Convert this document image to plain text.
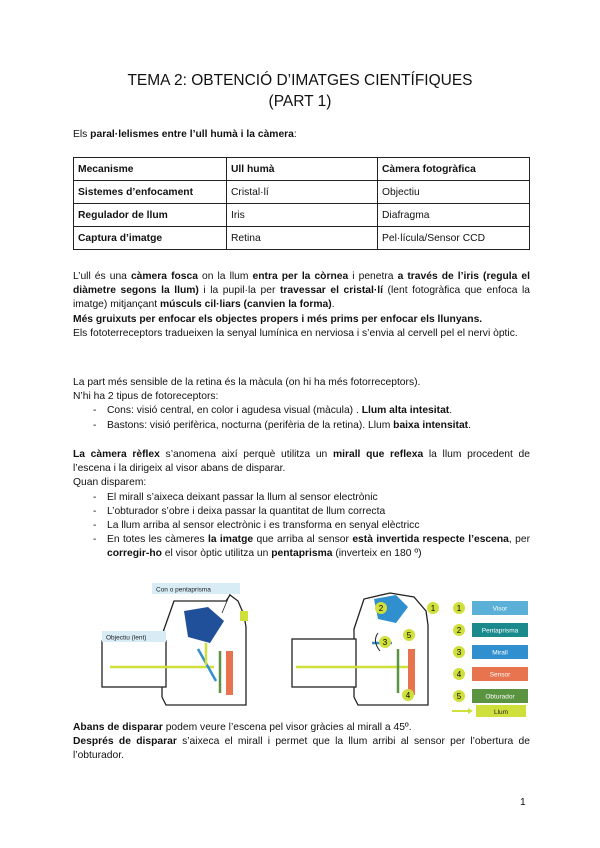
TEMA 2: OBTENCIÓ D’IMATGES CIENTÍFIQUES
(PART 1)
Els paral·lelismes entre l’ull humà i la càmera:
Mecanisme	Ull humà	Càmera fotogràfica
Sistemes d’enfocament	Cristal·lí	Objectiu
Regulador de llum	Iris	Diafragma
Captura d’imatge	Retina	Pel·lícula/Sensor CCD

L’ull és una càmera fosca on la llum entra per la còrnea i penetra a través de l’iris (regula el diàmetre segons la llum) i la pupil·la per travessar el cristal·lí (lent fotogràfica que enfoca la imatge) mitjançant músculs cil·liars (canvien la forma).

Més gruixuts per enfocar els objectes propers i més prims per enfocar els llunyans.

Els fototerreceptors tradueixen la senyal lumínica en nerviosa i s’envia al cervell pel el nervi òptic.

La part més sensible de la retina és la màcula (on hi ha més fotorreceptors).

N’hi ha 2 tipus de fotoreceptors:

- Cons: visió central, en color i agudesa visual (màcula) . Llum alta intesitat.
- Bastons: visió perifèrica, nocturna (perifèria de la retina). Llum baixa intensitat.

La càmera rèflex s’anomena així perquè utilitza un mirall que reflexa la llum procedent de l’escena i la dirigeix al visor abans de disparar.

Quan disparem:

- El mirall s’aixeca deixant passar la llum al sensor electrònic
- L’obturador s’obre i deixa passar la quantitat de llum correcta
- La llum arriba al sensor electrònic i es transforma en senyal elèctricc
- En totes les càmeres la imatge que arriba al sensor està invertida respecte l’escena, per corregir-ho el visor òptic utilitza un pentaprisma (inverteix en 180 º)
Con o pentaprisma
Objectiu (lent)
2	1
3
5
4
1	Visor
2	Pentaprisma
3	Mirall
4	Sensor
5	Obturador
Llum

Abans de disparar podem veure l’escena pel visor gràcies al mirall a 45º.

Després de disparar s’aixeca el mirall i permet que la llum arribi al sensor per l’obertura de l’obturador.

1
